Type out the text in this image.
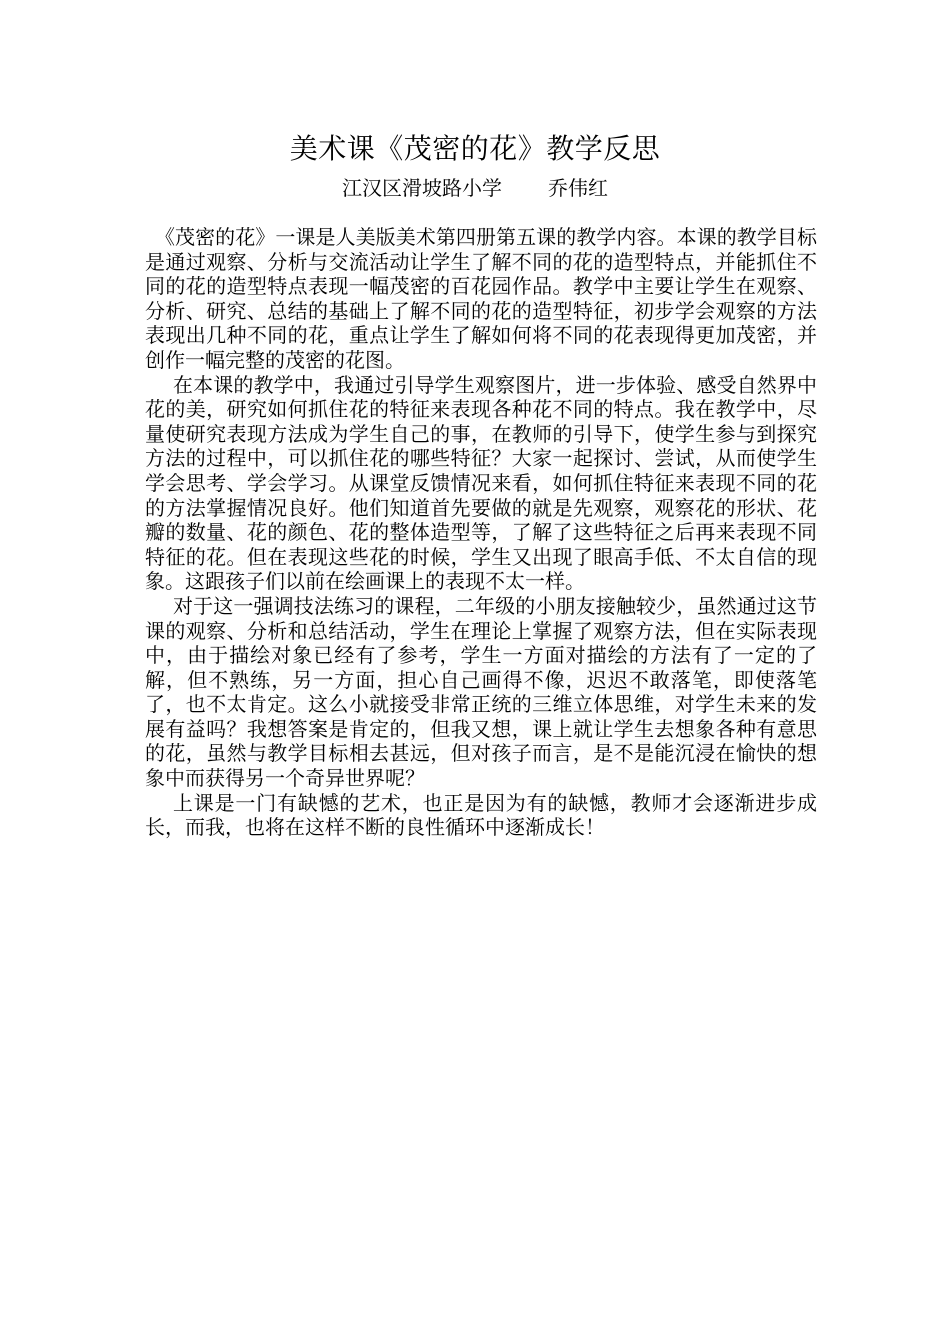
美术课《茂密的花》教学反思
江汉区滑坡路小学 乔伟红

《茂密的花》一课是人美版美术第四册第五课的教学内容。本课的教学目标是通过观察、分析与交流活动让学生了解不同的花的造型特点，并能抓住不同的花的造型特点表现一幅茂密的百花园作品。教学中主要让学生在观察、分析、研究、总结的基础上了解不同的花的造型特征，初步学会观察的方法表现出几种不同的花，重点让学生了解如何将不同的花表现得更加茂密，并创作一幅完整的茂密的花图。

在本课的教学中，我通过引导学生观察图片，进一步体验、感受自然界中花的美，研究如何抓住花的特征来表现各种花不同的特点。我在教学中，尽量使研究表现方法成为学生自己的事，在教师的引导下，使学生参与到探究方法的过程中，可以抓住花的哪些特征？大家一起探讨、尝试，从而使学生学会思考、学会学习。从课堂反馈情况来看，如何抓住特征来表现不同的花的方法掌握情况良好。他们知道首先要做的就是先观察，观察花的形状、花瓣的数量、花的颜色、花的整体造型等，了解了这些特征之后再来表现不同特征的花。但在表现这些花的时候，学生又出现了眼高手低、不太自信的现象。这跟孩子们以前在绘画课上的表现不太一样。

对于这一强调技法练习的课程，二年级的小朋友接触较少，虽然通过这节课的观察、分析和总结活动，学生在理论上掌握了观察方法，但在实际表现中，由于描绘对象已经有了参考，学生一方面对描绘的方法有了一定的了解，但不熟练，另一方面，担心自己画得不像，迟迟不敢落笔，即使落笔了，也不太肯定。这么小就接受非常正统的三维立体思维，对学生未来的发展有益吗？我想答案是肯定的，但我又想，课上就让学生去想象各种有意思的花，虽然与教学目标相去甚远，但对孩子而言，是不是能沉浸在愉快的想象中而获得另一个奇异世界呢？

上课是一门有缺憾的艺术，也正是因为有的缺憾，教师才会逐渐进步成长，而我，也将在这样不断的良性循环中逐渐成长！
